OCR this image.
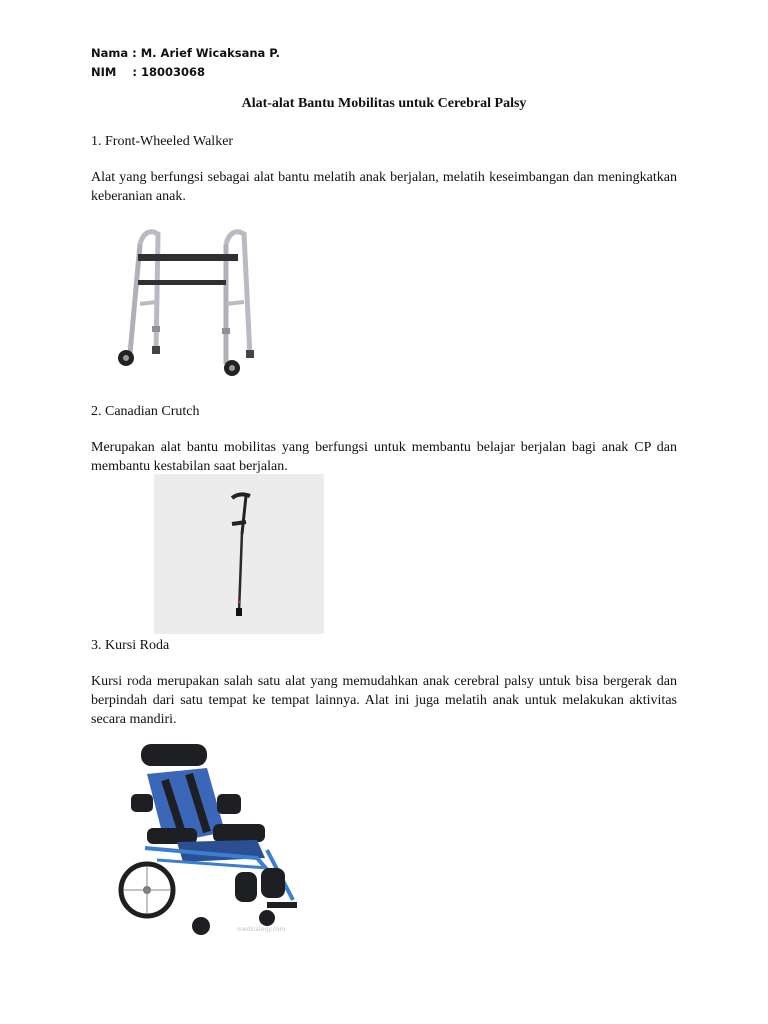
Nama : M. Arief Wicaksana P.
NIM    : 18003068
Alat-alat Bantu Mobilitas untuk Cerebral Palsy
1. Front-Wheeled Walker
Alat yang berfungsi sebagai alat bantu melatih anak berjalan, melatih keseimbangan dan meningkatkan keberanian anak.
2. Canadian Crutch
Merupakan alat bantu mobilitas yang berfungsi untuk membantu belajar berjalan bagi anak CP dan membantu kestabilan saat berjalan.
3. Kursi Roda
Kursi roda merupakan salah satu alat yang memudahkan anak cerebral palsy untuk bisa bergerak dan berpindah dari satu tempat ke tempat lainnya. Alat ini juga melatih anak untuk melakukan aktivitas secara mandiri.
medicalogy.com
